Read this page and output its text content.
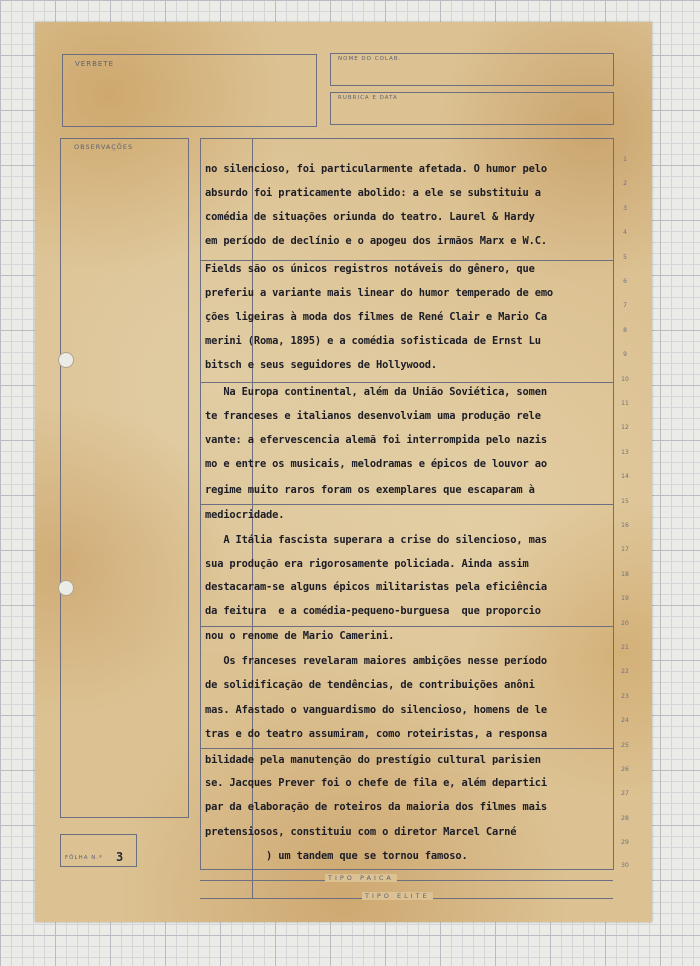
VERBETE
NOME DO COLAB.
RUBRICA E DATA
OBSERVAÇÕES
FÔLHA N.º 3
TIPO PAICA
TIPO ELITE
no silencioso, foi particularmente afetada. O humor pelo
absurdo foi praticamente abolido: a ele se substituiu a
comédia de situações oriunda do teatro. Laurel & Hardy
em período de declínio e o apogeu dos irmãos Marx e W.C.
Fields são os únicos registros notáveis do gênero, que
preferiu a variante mais linear do humor temperado de emo
ções ligeiras à moda dos filmes de René Clair e Mario Ca
merini (Roma, 1895) e a comédia sofisticada de Ernst Lu
bitsch e seus seguidores de Hollywood.
Na Europa continental, além da União Soviética, somen
te franceses e italianos desenvolviam uma produção rele
vante: a efervescencia alemã foi interrompida pelo nazis
mo e entre os musicais, melodramas e épicos de louvor ao
regime muito raros foram os exemplares que escaparam à
mediocridade.
A Itália fascista superara a crise do silencioso, mas
sua produção era rigorosamente policiada. Ainda assim
destacaram-se alguns épicos militaristas pela eficiência
da feitura  e a comédia-pequeno-burguesa  que proporcio
nou o renome de Mario Camerini.
Os franceses revelaram maiores ambições nesse período
de solidificação de tendências, de contribuições anôni
mas. Afastado o vanguardismo do silencioso, homens de le
tras e do teatro assumiram, como roteiristas, a responsa
bilidade pela manutenção do prestígio cultural parisien
se. Jacques Prever foi o chefe de fila e, além departici
par da elaboração de roteiros da maioria dos filmes mais
pretensiosos, constituiu com o diretor Marcel Carné
) um tandem que se tornou famoso.
1
2
3
4
5
6
7
8
9
10
11
12
13
14
15
16
17
18
19
20
21
22
23
24
25
26
27
28
29
30
